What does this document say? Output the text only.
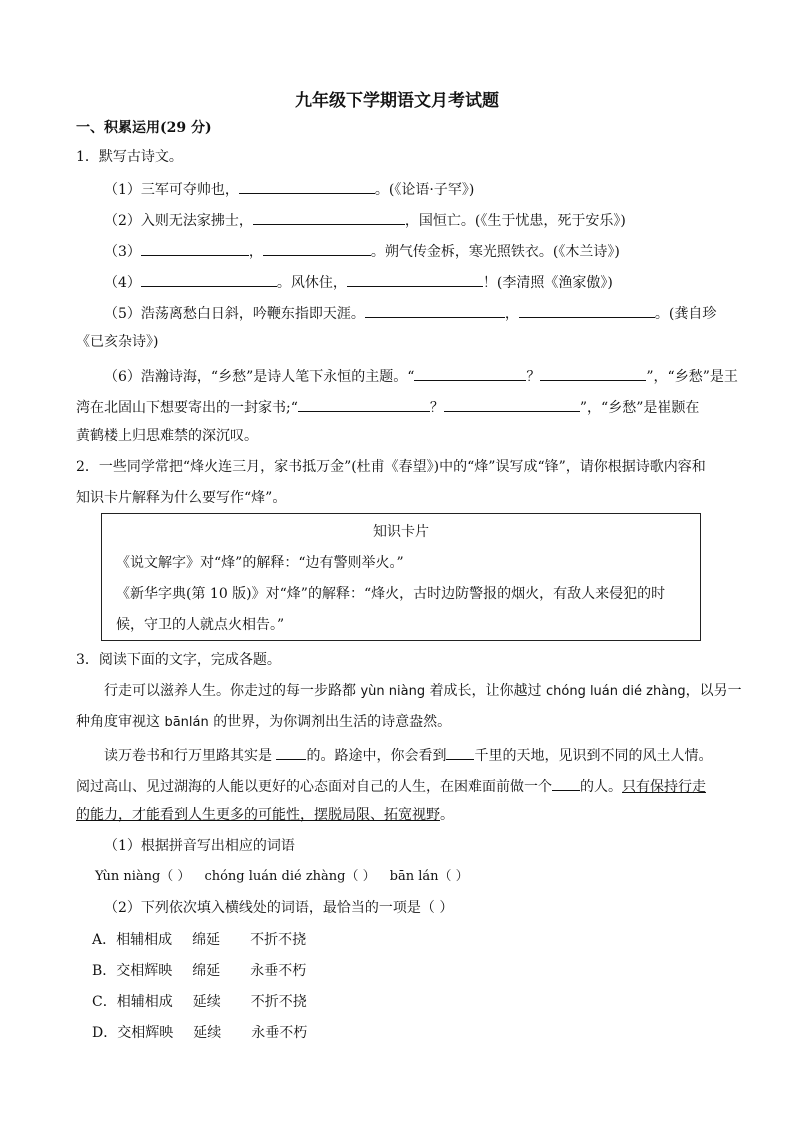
九年级下学期语文月考试题
一、积累运用(29 分)
1．默写古诗文。
（1）三军可夺帅也，	。(《论语·子罕》)
（2）入则无法家拂士，	，国恒亡。(《生于忧患，死于安乐》)
（3）	，	。朔气传金柝，寒光照铁衣。(《木兰诗》)
（4）	。风休住，	！(李清照《渔家傲》)
（5）浩荡离愁白日斜，吟鞭东指即天涯。	，	。(龚自珍
《已亥杂诗》)
（6）浩瀚诗海，“乡愁”是诗人笔下永恒的主题。“	？	”，“乡愁”是王
湾在北固山下想要寄出的一封家书;“	？	”，“乡愁”是崔颢在
黄鹤楼上归思难禁的深沉叹。
2．一些同学常把“烽火连三月，家书抵万金”(杜甫《春望》)中的“烽”误写成“锋”，请你根据诗歌内容和
知识卡片解释为什么要写作“烽”。
知识卡片
《说文解字》对“烽”的解释：“边有警则举火。”
《新华字典(第 10 版)》对“烽”的解释：“烽火，古时边防警报的烟火，有敌人来侵犯的时
候，守卫的人就点火相告。”
3．阅读下面的文字，完成各题。
行走可以滋养人生。你走过的每一步路都 yùn niàng 着成长，让你越过 chóng luán dié zhàng，以另一
种角度审视这 bānlán 的世界，为你调剂出生活的诗意盎然。
读万卷书和行万里路其实是 的。路途中，你会看到 千里的天地，见识到不同的风土人情。
阅过高山、见过湖海的人能以更好的心态面对自己的人生，在困难面前做一个 的人。只有保持行走
的能力，才能看到人生更多的可能性，摆脱局限、拓宽视野。
（1）根据拼音写出相应的词语
Yùn niàng（ ） chóng luán dié zhàng（ ） bān lán（ ）
（2）下列依次填入横线处的词语，最恰当的一项是（ ）
A．相辅相成 绵延 不折不挠
B．交相辉映 绵延 永垂不朽
C．相辅相成 延续 不折不挠
D．交相辉映 延续 永垂不朽
